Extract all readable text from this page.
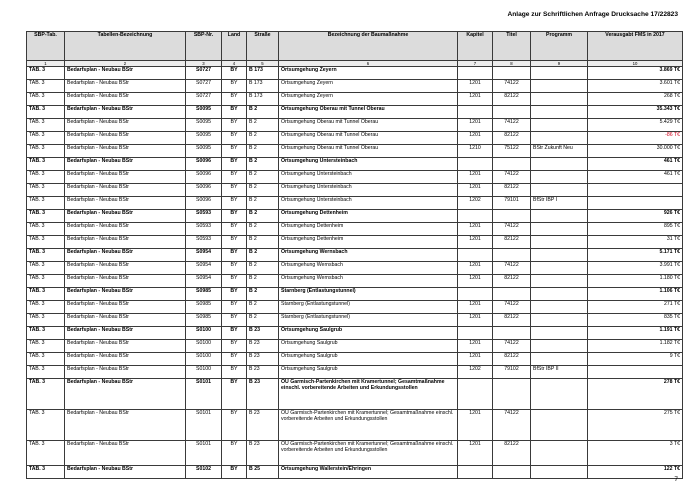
Anlage zur Schriftlichen Anfrage Drucksache 17/22823
SBP-Tab.	Tabellen-Bezeichnung	SBP-Nr.	Land	Straße	Bezeichnung der Baumaßnahme	Kapitel	Titel	Programm	Verausgabt FMS in 2017
1	2	3	4	5	6	7	8	9	10
TAB. 3	Bedarfsplan - Neubau BStr	S0727	BY	B 173	Ortsumgehung Zeyern				3.869 T€
TAB. 3	Bedarfsplan - Neubau BStr	S0727	BY	B 173	Ortsumgehung Zeyern	1201	74122		3.601 T€
TAB. 3	Bedarfsplan - Neubau BStr	S0727	BY	B 173	Ortsumgehung Zeyern	1201	82122		268 T€
TAB. 3	Bedarfsplan - Neubau BStr	S0095	BY	B 2	Ortsumgehung Oberau mit Tunnel Oberau				35.343 T€
TAB. 3	Bedarfsplan - Neubau BStr	S0095	BY	B 2	Ortsumgehung Oberau mit Tunnel Oberau	1201	74122		5.429 T€
TAB. 3	Bedarfsplan - Neubau BStr	S0095	BY	B 2	Ortsumgehung Oberau mit Tunnel Oberau	1201	82122		-86 T€
TAB. 3	Bedarfsplan - Neubau BStr	S0095	BY	B 2	Ortsumgehung Oberau mit Tunnel Oberau	1210	75122	BStr Zukunft Neu	30.000 T€
TAB. 3	Bedarfsplan - Neubau BStr	S0096	BY	B 2	Ortsumgehung Untersteinbach				461 T€
TAB. 3	Bedarfsplan - Neubau BStr	S0096	BY	B 2	Ortsumgehung Untersteinbach	1201	74122		461 T€
TAB. 3	Bedarfsplan - Neubau BStr	S0096	BY	B 2	Ortsumgehung Untersteinbach	1201	82122		
TAB. 3	Bedarfsplan - Neubau BStr	S0096	BY	B 2	Ortsumgehung Untersteinbach	1202	79101	BfStr IBP I	
TAB. 3	Bedarfsplan - Neubau BStr	S0593	BY	B 2	Ortsumgehung Dettenheim				926 T€
TAB. 3	Bedarfsplan - Neubau BStr	S0593	BY	B 2	Ortsumgehung Dettenheim	1201	74122		895 T€
TAB. 3	Bedarfsplan - Neubau BStr	S0593	BY	B 2	Ortsumgehung Dettenheim	1201	82122		31 T€
TAB. 3	Bedarfsplan - Neubau BStr	S0954	BY	B 2	Ortsumgehung Wernsbach				5.171 T€
TAB. 3	Bedarfsplan - Neubau BStr	S0954	BY	B 2	Ortsumgehung Wernsbach	1201	74122		3.991 T€
TAB. 3	Bedarfsplan - Neubau BStr	S0954	BY	B 2	Ortsumgehung Wernsbach	1201	82122		1.180 T€
TAB. 3	Bedarfsplan - Neubau BStr	S0985	BY	B 2	Starnberg (Entlastungstunnel)				1.106 T€
TAB. 3	Bedarfsplan - Neubau BStr	S0985	BY	B 2	Starnberg (Entlastungstunnel)	1201	74122		271 T€
TAB. 3	Bedarfsplan - Neubau BStr	S0985	BY	B 2	Starnberg (Entlastungstunnel)	1201	82122		835 T€
TAB. 3	Bedarfsplan - Neubau BStr	S0100	BY	B 23	Ortsumgehung Saulgrub				1.191 T€
TAB. 3	Bedarfsplan - Neubau BStr	S0100	BY	B 23	Ortsumgehung Saulgrub	1201	74122		1.182 T€
TAB. 3	Bedarfsplan - Neubau BStr	S0100	BY	B 23	Ortsumgehung Saulgrub	1201	82122		9 T€
TAB. 3	Bedarfsplan - Neubau BStr	S0100	BY	B 23	Ortsumgehung Saulgrub	1202	79102	BfStr IBP II	
TAB. 3	Bedarfsplan - Neubau BStr	S0101	BY	B 23	OU Garmisch-Partenkirchen mit Kramertunnel; Gesamtmaßnahme einschl. vorbereitende Arbeiten und Erkundungsstollen				278 T€
TAB. 3	Bedarfsplan - Neubau BStr	S0101	BY	B 23	OU Garmisch-Partenkirchen mit Kramertunnel; Gesamtmaßnahme einschl. vorbereitende Arbeiten und Erkundungsstollen	1201	74122		275 T€
TAB. 3	Bedarfsplan - Neubau BStr	S0101	BY	B 23	OU Garmisch-Partenkirchen mit Kramertunnel; Gesamtmaßnahme einschl. vorbereitende Arbeiten und Erkundungsstollen	1201	82122		3 T€
TAB. 3	Bedarfsplan - Neubau BStr	S0102	BY	B 25	Ortsumgehung Wallerstein/Ehringen				122 T€
7
